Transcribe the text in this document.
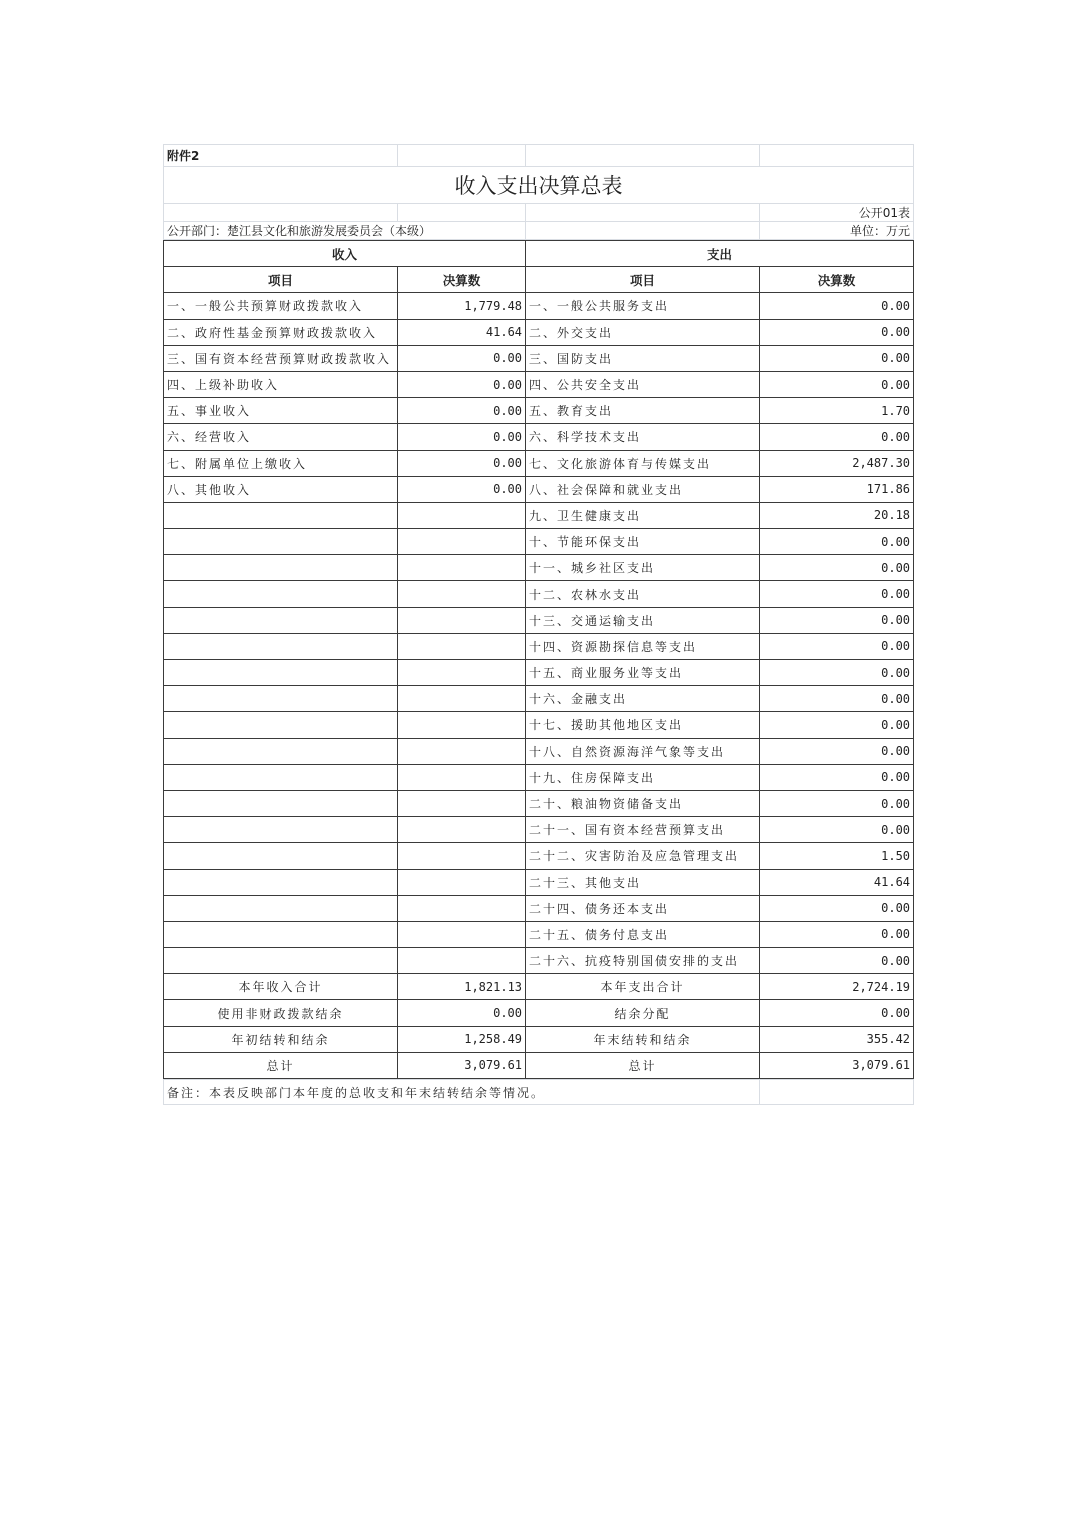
附件2			
收入支出决算总表			
			公开01表
公开部门：楚江县文化和旅游发展委员会（本级）			单位：万元
收入		支出	
项目	决算数	项目	决算数
一、一般公共预算财政拨款收入	1,779.48	一、一般公共服务支出	0.00
二、政府性基金预算财政拨款收入	41.64	二、外交支出	0.00
三、国有资本经营预算财政拨款收入	0.00	三、国防支出	0.00
四、上级补助收入	0.00	四、公共安全支出	0.00
五、事业收入	0.00	五、教育支出	1.70
六、经营收入	0.00	六、科学技术支出	0.00
七、附属单位上缴收入	0.00	七、文化旅游体育与传媒支出	2,487.30
八、其他收入	0.00	八、社会保障和就业支出	171.86
		九、卫生健康支出	20.18
		十、节能环保支出	0.00
		十一、城乡社区支出	0.00
		十二、农林水支出	0.00
		十三、交通运输支出	0.00
		十四、资源勘探信息等支出	0.00
		十五、商业服务业等支出	0.00
		十六、金融支出	0.00
		十七、援助其他地区支出	0.00
		十八、自然资源海洋气象等支出	0.00
		十九、住房保障支出	0.00
		二十、粮油物资储备支出	0.00
		二十一、国有资本经营预算支出	0.00
		二十二、灾害防治及应急管理支出	1.50
		二十三、其他支出	41.64
		二十四、债务还本支出	0.00
		二十五、债务付息支出	0.00
		二十六、抗疫特别国债安排的支出	0.00
本年收入合计	1,821.13	本年支出合计	2,724.19
使用非财政拨款结余	0.00	结余分配	0.00
年初结转和结余	1,258.49	年末结转和结余	355.42
总计	3,079.61	总计	3,079.61
备注：本表反映部门本年度的总收支和年末结转结余等情况。	
